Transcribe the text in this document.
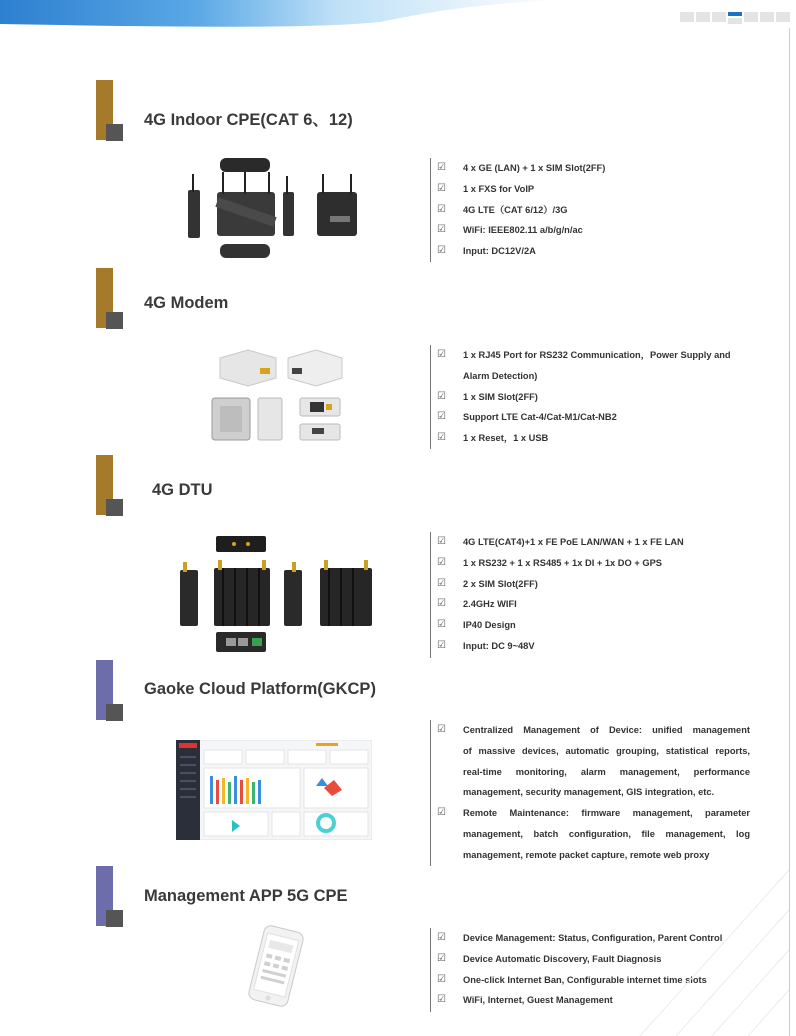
4G Indoor CPE(CAT 6、12)
☑	4 x GE (LAN) + 1 x SIM Slot(2FF)
☑	1 x FXS for VoIP
☑	4G LTE（CAT 6/12）/3G
☑	WiFi: IEEE802.11 a/b/g/n/ac
☑	Input: DC12V/2A
4G Modem
☑	1 x RJ45 Port for RS232 Communication，Power Supply and
Alarm Detection)
☑	1 x SIM Slot(2FF)
☑	Support LTE Cat-4/Cat-M1/Cat-NB2
☑	1 x Reset，1 x USB
4G DTU
☑	4G LTE(CAT4)+1 x FE PoE LAN/WAN + 1 x FE LAN
☑	1 x RS232 + 1 x RS485 + 1x DI + 1x DO + GPS
☑	2 x SIM Slot(2FF)
☑	2.4GHz WIFI
☑	IP40 Design
☑	Input: DC 9~48V
Gaoke Cloud Platform(GKCP)
☑	Centralized Management of Device: unified management
of massive devices, automatic grouping, statistical reports,
real-time monitoring, alarm management, performance
management, security management, GIS integration, etc.
☑	Remote Maintenance: firmware management, parameter
management, batch configuration, file management, log
management, remote packet capture, remote web proxy
Management APP 5G CPE
☑	Device Management: Status, Configuration, Parent Control
☑	Device Automatic Discovery, Fault Diagnosis
☑	One-click Internet Ban, Configurable internet time slots
☑	WiFi, Internet, Guest Management
